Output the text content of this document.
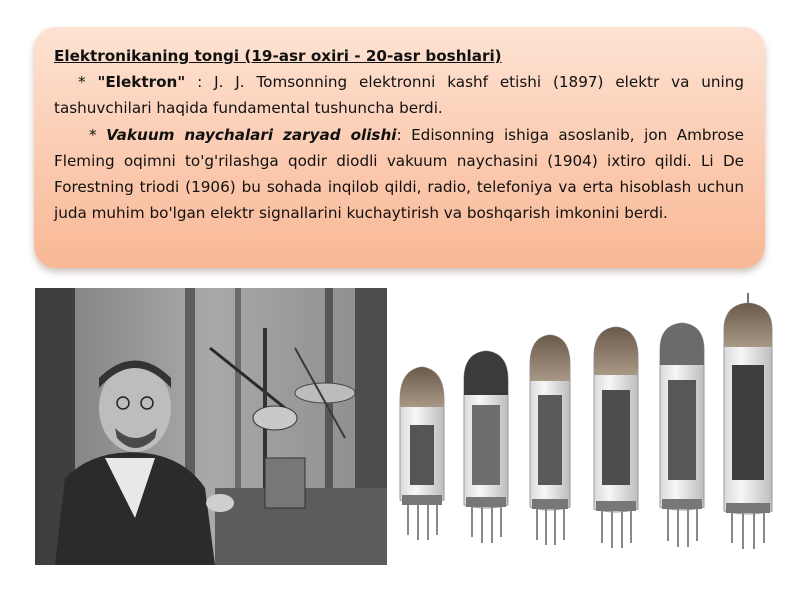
Elektronikaning tongi (19-asr oxiri - 20-asr boshlari)
* "Elektron" : J. J. Tomsonning elektronni kashf etishi (1897) elektr va uning tashuvchilari haqida fundamental tushuncha berdi.
* Vakuum naychalari zaryad olishi: Edisonning ishiga asoslanib, jon Ambrose Fleming oqimni to'g'rilashga qodir diodli vakuum naychasini (1904) ixtiro qildi. Li De Forestning triodi (1906) bu sohada inqilob qildi, radio, telefoniya va erta hisoblash uchun juda muhim bo'lgan elektr signallarini kuchaytirish va boshqarish imkonini berdi.
